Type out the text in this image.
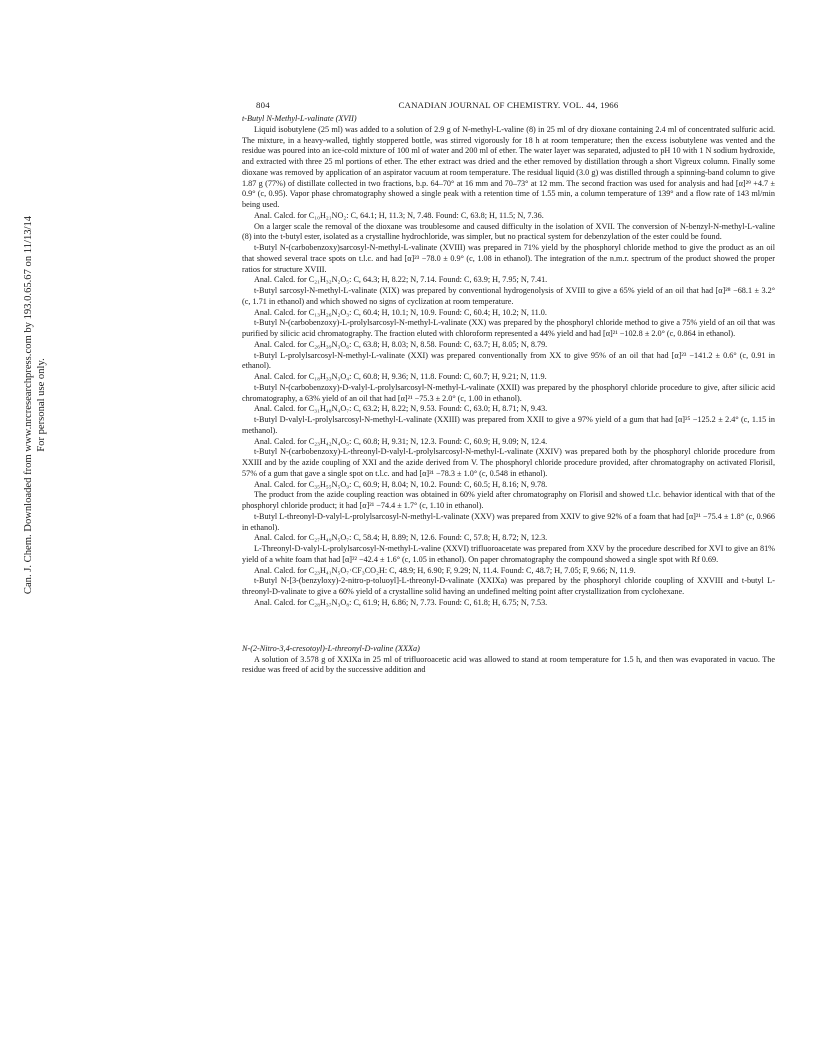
Can. J. Chem. Downloaded from www.nrcresearchpress.com by 193.0.65.67 on 11/13/14 For personal use only.
804	CANADIAN JOURNAL OF CHEMISTRY. VOL. 44, 1966

t-Butyl N-Methyl-L-valinate (XVII)

Liquid isobutylene (25 ml) was added to a solution of 2.9 g of N-methyl-L-valine (8) in 25 ml of dry dioxane containing 2.4 ml of concentrated sulfuric acid. The mixture, in a heavy-walled, tightly stoppered bottle, was stirred vigorously for 18 h at room temperature; then the excess isobutylene was vented and the residue was poured into an ice-cold mixture of 100 ml of water and 200 ml of ether. The water layer was separated, adjusted to pH 10 with 1 N sodium hydroxide, and extracted with three 25 ml portions of ether. The ether extract was dried and the ether removed by distillation through a short Vigreux column. Finally some dioxane was removed by application of an aspirator vacuum at room temperature. The residual liquid (3.0 g) was distilled through a spinning-band column to give 1.87 g (77%) of distillate collected in two fractions, b.p. 64–70° at 16 mm and 70–73° at 12 mm. The second fraction was used for analysis and had [α]²⁹ +4.7 ± 0.9° (c, 0.95). Vapor phase chromatography showed a single peak with a retention time of 1.55 min, a column temperature of 139° and a flow rate of 143 ml/min being used.

Anal. Calcd. for C₁₀H₂₁NO₂: C, 64.1; H, 11.3; N, 7.48. Found: C, 63.8; H, 11.5; N, 7.36.

On a larger scale the removal of the dioxane was troublesome and caused difficulty in the isolation of XVII. The conversion of N-benzyl-N-methyl-L-valine (8) into the t-butyl ester, isolated as a crystalline hydrochloride, was simpler, but no practical system for debenzylation of the ester could be found.

t-Butyl N-(carbobenzoxy)sarcosyl-N-methyl-L-valinate (XVIII) was prepared in 71% yield by the phosphoryl chloride method to give the product as an oil that showed several trace spots on t.l.c. and had [α]²³ −78.0 ± 0.9° (c, 1.08 in ethanol). The integration of the n.m.r. spectrum of the product showed the proper ratios for structure XVIII.

Anal. Calcd. for C₂₁H₃₂N₂O₅: C, 64.3; H, 8.22; N, 7.14. Found: C, 63.9; H, 7.95; N, 7.41.

t-Butyl sarcosyl-N-methyl-L-valinate (XIX) was prepared by conventional hydrogenolysis of XVIII to give a 65% yield of an oil that had [α]²⁸ −68.1 ± 3.2° (c, 1.71 in ethanol) and which showed no signs of cyclization at room temperature.

Anal. Calcd. for C₁₃H₂₆N₂O₃: C, 60.4; H, 10.1; N, 10.9. Found: C, 60.4; H, 10.2; N, 11.0.

t-Butyl N-(carbobenzoxy)-L-prolylsarcosyl-N-methyl-L-valinate (XX) was prepared by the phosphoryl chloride method to give a 75% yield of an oil that was purified by silicic acid chromatography. The fraction eluted with chloroform represented a 44% yield and had [α]²¹ −102.8 ± 2.0° (c, 0.864 in ethanol).

Anal. Calcd. for C₂₆H₃₉N₃O₆: C, 63.8; H, 8.03; N, 8.58. Found: C, 63.7; H, 8.05; N, 8.79.

t-Butyl L-prolylsarcosyl-N-methyl-L-valinate (XXI) was prepared conventionally from XX to give 95% of an oil that had [α]²³ −141.2 ± 0.6° (c, 0.91 in ethanol).

Anal. Calcd. for C₁₈H₃₃N₃O₄: C, 60.8; H, 9.36; N, 11.8. Found: C, 60.7; H, 9.21; N, 11.9.

t-Butyl N-(carbobenzoxy)-D-valyl-L-prolylsarcosyl-N-methyl-L-valinate (XXII) was prepared by the phosphoryl chloride procedure to give, after silicic acid chromatography, a 63% yield of an oil that had [α]²¹ −75.3 ± 2.0° (c, 1.00 in ethanol).

Anal. Calcd. for C₃₁H₄₈N₄O₇: C, 63.2; H, 8.22; N, 9.53. Found: C, 63.0; H, 8.71; N, 9.43.

t-Butyl D-valyl-L-prolylsarcosyl-N-methyl-L-valinate (XXIII) was prepared from XXII to give a 97% yield of a gum that had [α]²⁵ −125.2 ± 2.4° (c, 1.15 in methanol).

Anal. Calcd. for C₂₃H₄₂N₄O₅: C, 60.8; H, 9.31; N, 12.3. Found: C, 60.9; H, 9.09; N, 12.4.

t-Butyl N-(carbobenzoxy)-L-threonyl-D-valyl-L-prolylsarcosyl-N-methyl-L-valinate (XXIV) was prepared both by the phosphoryl chloride procedure from XXIII and by the azide coupling of XXI and the azide derived from V. The phosphoryl chloride procedure provided, after chromatography on activated Florisil, 57% of a gum that gave a single spot on t.l.c. and had [α]²¹ −78.3 ± 1.0° (c, 0.548 in ethanol).

Anal. Calcd. for C₃₅H₅₅N₅O₉: C, 60.9; H, 8.04; N, 10.2. Found: C, 60.5; H, 8.16; N, 9.78.

The product from the azide coupling reaction was obtained in 60% yield after chromatography on Florisil and showed t.l.c. behavior identical with that of the phosphoryl chloride product; it had [α]²¹ −74.4 ± 1.7° (c, 1.10 in ethanol).

t-Butyl L-threonyl-D-valyl-L-prolylsarcosyl-N-methyl-L-valinate (XXV) was prepared from XXIV to give 92% of a foam that had [α]²¹ −75.4 ± 1.8° (c, 0.966 in ethanol).

Anal. Calcd. for C₂₇H₄₉N₅O₇: C, 58.4; H, 8.89; N, 12.6. Found: C, 57.8; H, 8.72; N, 12.3.

L-Threonyl-D-valyl-L-prolylsarcosyl-N-methyl-L-valine (XXVI) trifluoroacetate was prepared from XXV by the procedure described for XVI to give an 81% yield of a white foam that had [α]²² −42.4 ± 1.6° (c, 1.05 in ethanol). On paper chromatography the compound showed a single spot with Rf 0.69.

Anal. Calcd. for C₂₃H₄₁N₅O₇·CF₃CO₂H: C, 48.9; H, 6.90; F, 9.29; N, 11.4. Found: C, 48.7; H, 7.05; F, 9.66; N, 11.9.

t-Butyl N-[3-(benzyloxy)-2-nitro-p-toluoyl]-L-threonyl-D-valinate (XXIXa) was prepared by the phosphoryl chloride coupling of XXVIII and t-butyl L-threonyl-D-valinate to give a 60% yield of a crystalline solid having an undefined melting point after crystallization from cyclohexane.

Anal. Calcd. for C₂₈H₃₇N₃O₈: C, 61.9; H, 6.86; N, 7.73. Found: C, 61.8; H, 6.75; N, 7.53.

N-(2-Nitro-3,4-cresotoyl)-L-threonyl-D-valine (XXXa)

A solution of 3.578 g of XXIXa in 25 ml of trifluoroacetic acid was allowed to stand at room temperature for 1.5 h, and then was evaporated in vacuo. The residue was freed of acid by the successive addition and
